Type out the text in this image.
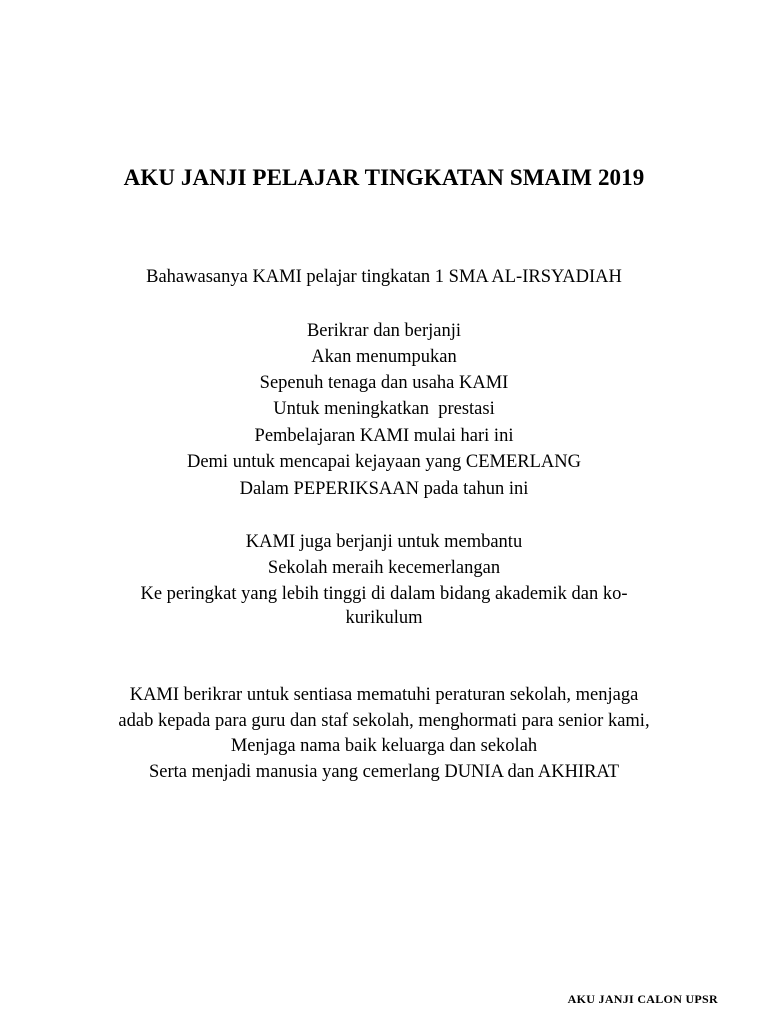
AKU JANJI PELAJAR TINGKATAN SMAIM 2019
Bahawasanya KAMI pelajar tingkatan 1 SMA AL-IRSYADIAH
Berikrar dan berjanji
Akan menumpukan
Sepenuh tenaga dan usaha KAMI
Untuk meningkatkan  prestasi
Pembelajaran KAMI mulai hari ini
Demi untuk mencapai kejayaan yang CEMERLANG
Dalam PEPERIKSAAN pada tahun ini
KAMI juga berjanji untuk membantu
Sekolah meraih kecemerlangan
Ke peringkat yang lebih tinggi di dalam bidang akademik dan ko-
kurikulum
KAMI berikrar untuk sentiasa mematuhi peraturan sekolah, menjaga
adab kepada para guru dan staf sekolah, menghormati para senior kami,
Menjaga nama baik keluarga dan sekolah
Serta menjadi manusia yang cemerlang DUNIA dan AKHIRAT
AKU JANJI CALON UPSR
